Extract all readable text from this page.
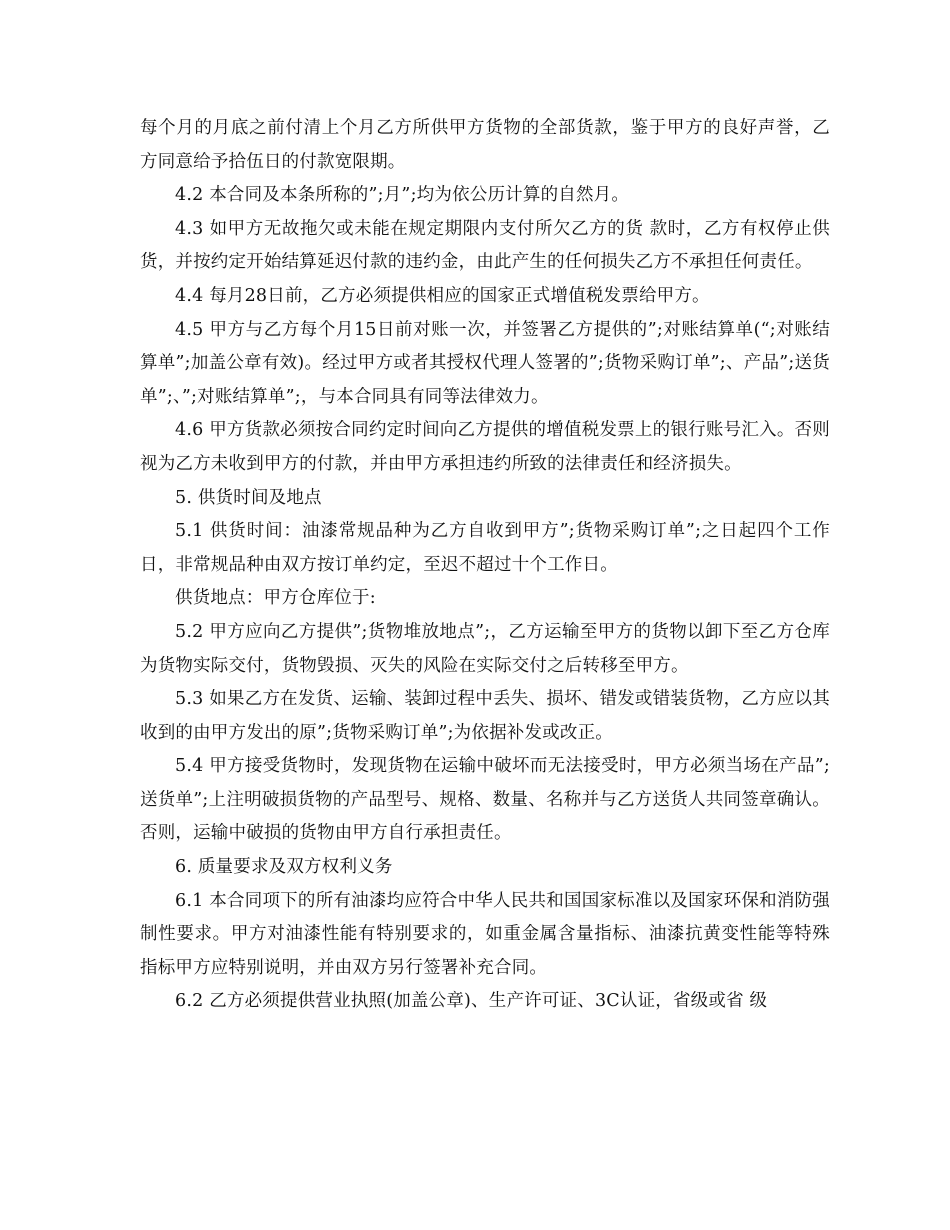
每个月的月底之前付清上个月乙方所供甲方货物的全部货款，鉴于甲方的良好声誉，乙方同意给予拾伍日的付款宽限期。

4.2 本合同及本条所称的”;月”;均为依公历计算的自然月。

4.3 如甲方无故拖欠或未能在规定期限内支付所欠乙方的货 款时，乙方有权停止供货，并按约定开始结算延迟付款的违约金，由此产生的任何损失乙方不承担任何责任。

4.4 每月28日前，乙方必须提供相应的国家正式增值税发票给甲方。

4.5 甲方与乙方每个月15日前对账一次，并签署乙方提供的”;对账结算单(“;对账结算单”;加盖公章有效)。经过甲方或者其授权代理人签署的”;货物采购订单”;、产品”;送货单”;、”;对账结算单”;，与本合同具有同等法律效力。

4.6 甲方货款必须按合同约定时间向乙方提供的增值税发票上的银行账号汇入。否则视为乙方未收到甲方的付款，并由甲方承担违约所致的法律责任和经济损失。

5. 供货时间及地点

5.1 供货时间：油漆常规品种为乙方自收到甲方”;货物采购订单”;之日起四个工作日，非常规品种由双方按订单约定，至迟不超过十个工作日。

供货地点：甲方仓库位于:

5.2 甲方应向乙方提供”;货物堆放地点”;，乙方运输至甲方的货物以卸下至乙方仓库为货物实际交付，货物毁损、灭失的风险在实际交付之后转移至甲方。

5.3 如果乙方在发货、运输、装卸过程中丢失、损坏、错发或错装货物，乙方应以其收到的由甲方发出的原”;货物采购订单”;为依据补发或改正。

5.4 甲方接受货物时，发现货物在运输中破坏而无法接受时，甲方必须当场在产品”;送货单”;上注明破损货物的产品型号、规格、数量、名称并与乙方送货人共同签章确认。否则，运输中破损的货物由甲方自行承担责任。

6. 质量要求及双方权利义务

6.1 本合同项下的所有油漆均应符合中华人民共和国国家标准以及国家环保和消防强制性要求。甲方对油漆性能有特别要求的，如重金属含量指标、油漆抗黄变性能等特殊指标甲方应特别说明，并由双方另行签署补充合同。

6.2 乙方必须提供营业执照(加盖公章)、生产许可证、3C认证，省级或省 级
